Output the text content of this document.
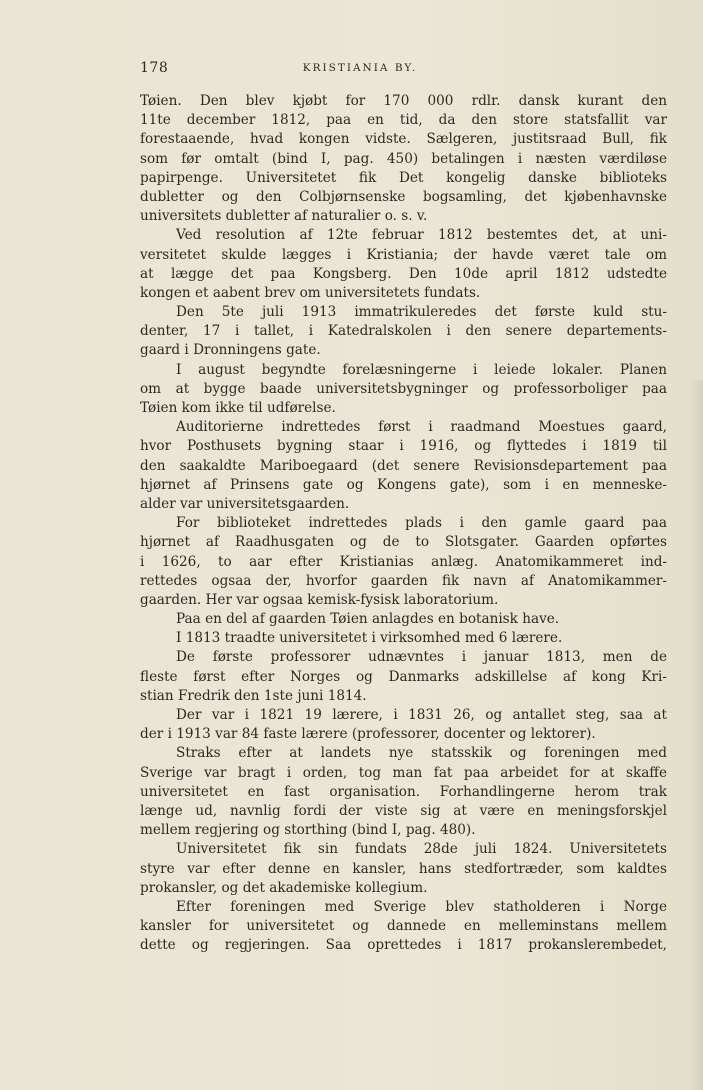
178	KRISTIANIA BY.
Tøien. Den blev kjøbt for 170 000 rdlr. dansk kurant den
11te december 1812, paa en tid, da den store statsfallit var
forestaaende, hvad kongen vidste. Sælgeren, justitsraad Bull, fik
som før omtalt (bind I, pag. 450) betalingen i næsten værdiløse
papirpenge. Universitetet fik Det kongelig danske biblioteks
dubletter og den Colbjørnsenske bogsamling, det kjøbenhavnske
universitets dubletter af naturalier o. s. v.
Ved resolution af 12te februar 1812 bestemtes det, at uni-
versitetet skulde lægges i Kristiania; der havde været tale om
at lægge det paa Kongsberg. Den 10de april 1812 udstedte
kongen et aabent brev om universitetets fundats.
Den 5te juli 1913 immatrikuleredes det første kuld stu-
denter, 17 i tallet, i Katedralskolen i den senere departements-
gaard i Dronningens gate.
I august begyndte forelæsningerne i leiede lokaler. Planen
om at bygge baade universitetsbygninger og professorboliger paa
Tøien kom ikke til udførelse.
Auditorierne indrettedes først i raadmand Moestues gaard,
hvor Posthusets bygning staar i 1916, og flyttedes i 1819 til
den saakaldte Mariboegaard (det senere Revisionsdepartement paa
hjørnet af Prinsens gate og Kongens gate), som i en menneske-
alder var universitetsgaarden.
For biblioteket indrettedes plads i den gamle gaard paa
hjørnet af Raadhusgaten og de to Slotsgater. Gaarden opførtes
i 1626, to aar efter Kristianias anlæg. Anatomikammeret ind-
rettedes ogsaa der, hvorfor gaarden fik navn af Anatomikammer-
gaarden. Her var ogsaa kemisk-fysisk laboratorium.
Paa en del af gaarden Tøien anlagdes en botanisk have.
I 1813 traadte universitetet i virksomhed med 6 lærere.
De første professorer udnævntes i januar 1813, men de
fleste først efter Norges og Danmarks adskillelse af kong Kri-
stian Fredrik den 1ste juni 1814.
Der var i 1821 19 lærere, i 1831 26, og antallet steg, saa at
der i 1913 var 84 faste lærere (professorer, docenter og lektorer).
Straks efter at landets nye statsskik og foreningen med
Sverige var bragt i orden, tog man fat paa arbeidet for at skaffe
universitetet en fast organisation. Forhandlingerne herom trak
længe ud, navnlig fordi der viste sig at være en meningsforskjel
mellem regjering og storthing (bind I, pag. 480).
Universitetet fik sin fundats 28de juli 1824. Universitetets
styre var efter denne en kansler, hans stedfortræder, som kaldtes
prokansler, og det akademiske kollegium.
Efter foreningen med Sverige blev statholderen i Norge
kansler for universitetet og dannede en melleminstans mellem
dette og regjeringen. Saa oprettedes i 1817 prokanslerembedet,
